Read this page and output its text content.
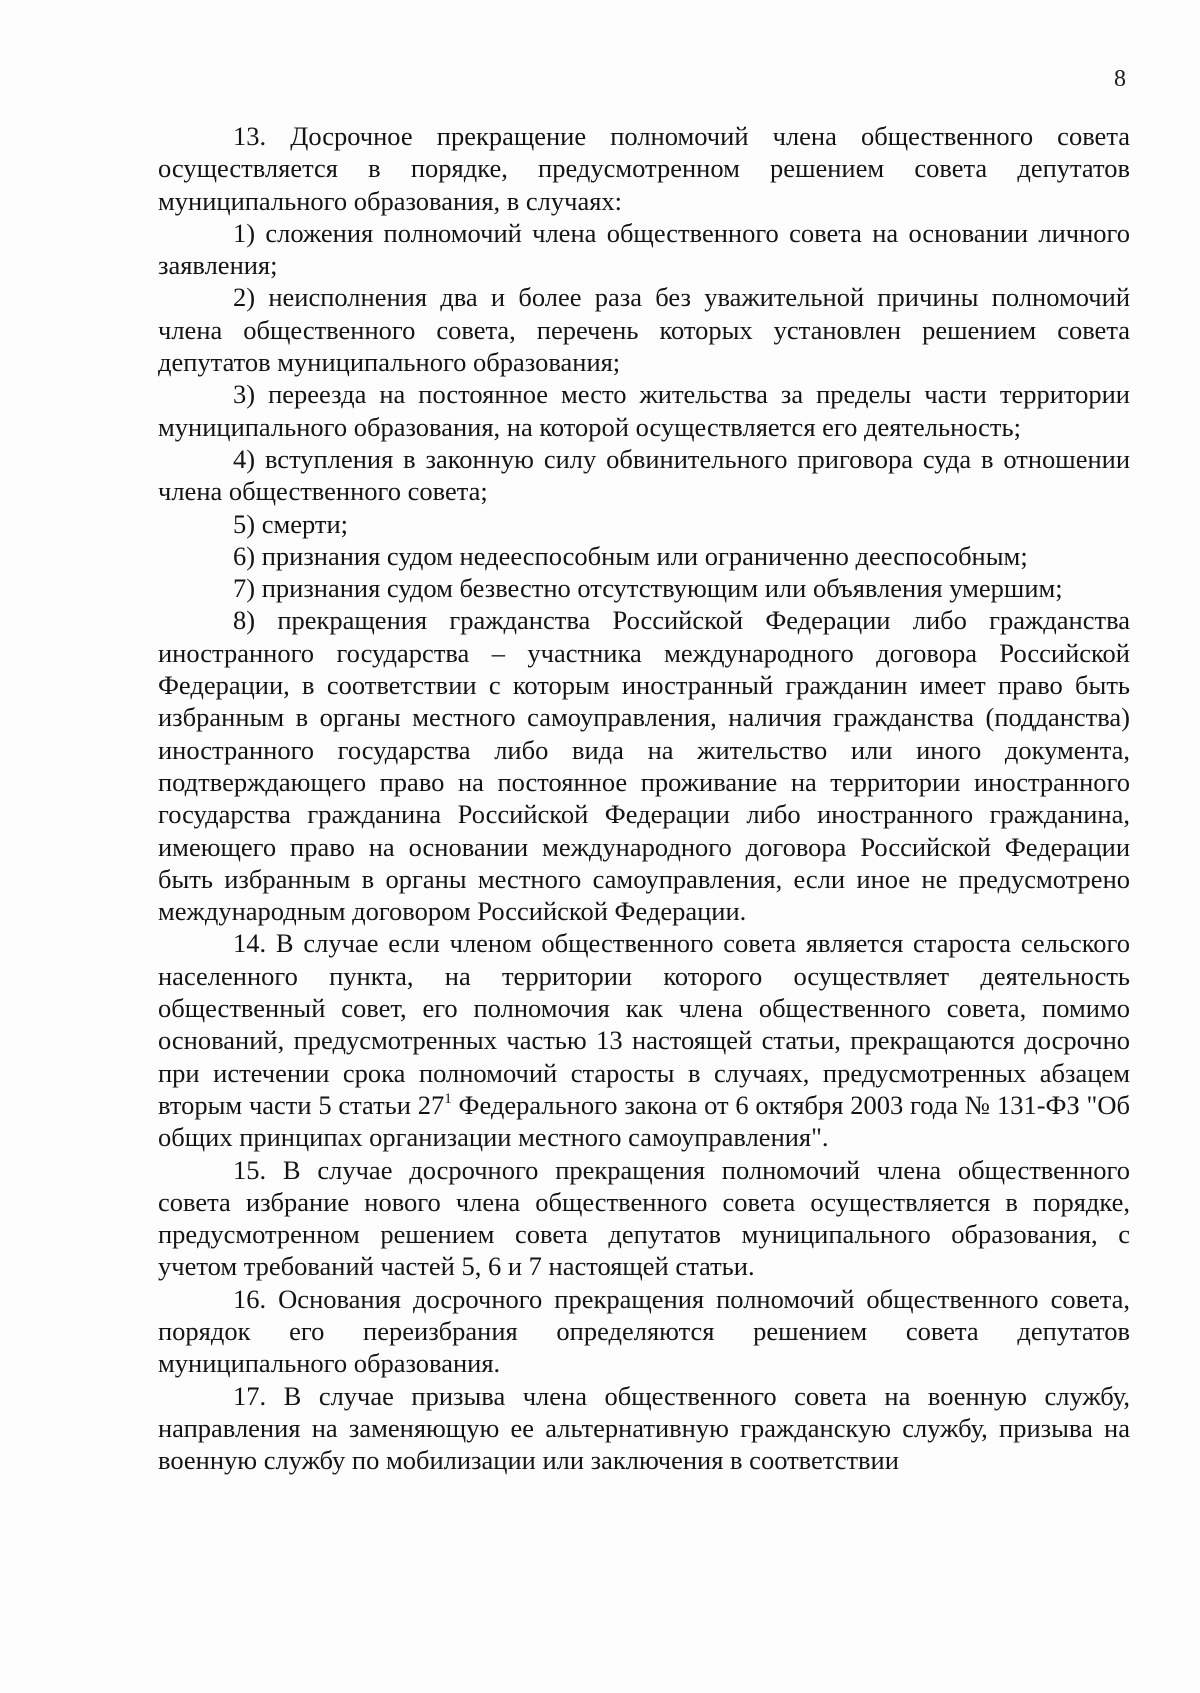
8

13. Досрочное прекращение полномочий члена общественного совета осуществляется в порядке, предусмотренном решением совета депутатов муниципального образования, в случаях:

1) сложения полномочий члена общественного совета на основании личного заявления;

2) неисполнения два и более раза без уважительной причины полномочий члена общественного совета, перечень которых установлен решением совета депутатов муниципального образования;

3) переезда на постоянное место жительства за пределы части территории муниципального образования, на которой осуществляется его деятельность;

4) вступления в законную силу обвинительного приговора суда в отношении члена общественного совета;

5) смерти;

6) признания судом недееспособным или ограниченно дееспособным;

7) признания судом безвестно отсутствующим или объявления умершим;

8) прекращения гражданства Российской Федерации либо гражданства иностранного государства – участника международного договора Российской Федерации, в соответствии с которым иностранный гражданин имеет право быть избранным в органы местного самоуправления, наличия гражданства (подданства) иностранного государства либо вида на жительство или иного документа, подтверждающего право на постоянное проживание на территории иностранного государства гражданина Российской Федерации либо иностранного гражданина, имеющего право на основании международного договора Российской Федерации быть избранным в органы местного самоуправления, если иное не предусмотрено международным договором Российской Федерации.

14. В случае если членом общественного совета является староста сельского населенного пункта, на территории которого осуществляет деятельность общественный совет, его полномочия как члена общественного совета, помимо оснований, предусмотренных частью 13 настоящей статьи, прекращаются досрочно при истечении срока полномочий старосты в случаях, предусмотренных абзацем вторым части 5 статьи $27^1$ Федерального закона от 6 октября 2003 года № 131-ФЗ "Об общих принципах организации местного самоуправления".

15. В случае досрочного прекращения полномочий члена общественного совета избрание нового члена общественного совета осуществляется в порядке, предусмотренном решением совета депутатов муниципального образования, с учетом требований частей 5, 6 и 7 настоящей статьи.

16. Основания досрочного прекращения полномочий общественного совета, порядок его переизбрания определяются решением совета депутатов муниципального образования.

17. В случае призыва члена общественного совета на военную службу, направления на заменяющую ее альтернативную гражданскую службу, призыва на военную службу по мобилизации или заключения в соответствии
